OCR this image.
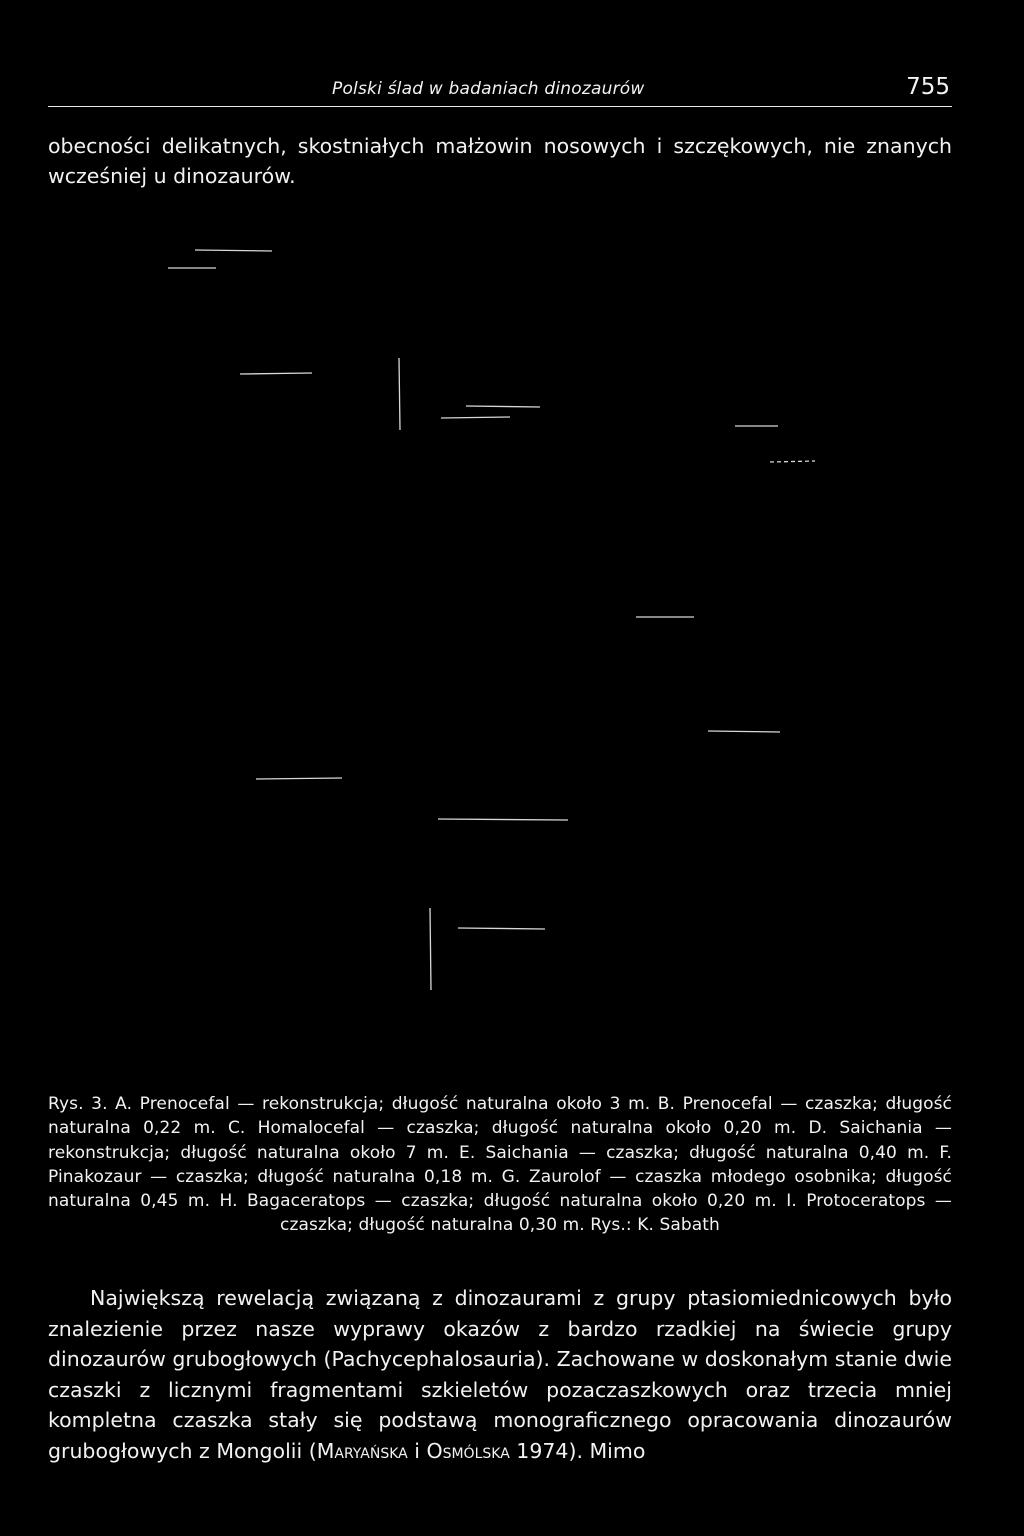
Polski ślad w badaniach dinozaurów	755

obecności delikatnych, skostniałych małżowin nosowych i szczękowych, nie znanych wcześniej u dinozaurów.

Rys. 3. A. Prenocefal — rekonstrukcja; długość naturalna około 3 m. B. Prenocefal — czaszka; długość naturalna 0,22 m. C. Homalocefal — czaszka; długość naturalna około 0,20 m. D. Saichania — rekonstrukcja; długość naturalna około 7 m. E. Saichania — czaszka; długość naturalna 0,40 m. F. Pinakozaur — czaszka; długość naturalna 0,18 m. G. Zaurolof — czaszka młodego osobnika; długość naturalna 0,45 m. H. Bagaceratops — czaszka; długość naturalna około 0,20 m. I. Protoceratops — czaszka; długość naturalna 0,30 m. Rys.: K. Sabath

Największą rewelacją związaną z dinozaurami z grupy ptasiomiednicowych było znalezienie przez nasze wyprawy okazów z bardzo rzadkiej na świecie grupy dinozaurów grubogłowych (Pachycephalosauria). Zachowane w doskonałym stanie dwie czaszki z licznymi fragmentami szkieletów pozaczaszkowych oraz trzecia mniej kompletna czaszka stały się podstawą monograficznego opracowania dinozaurów grubogłowych z Mongolii (Maryańska i Osmólska 1974). Mimo
